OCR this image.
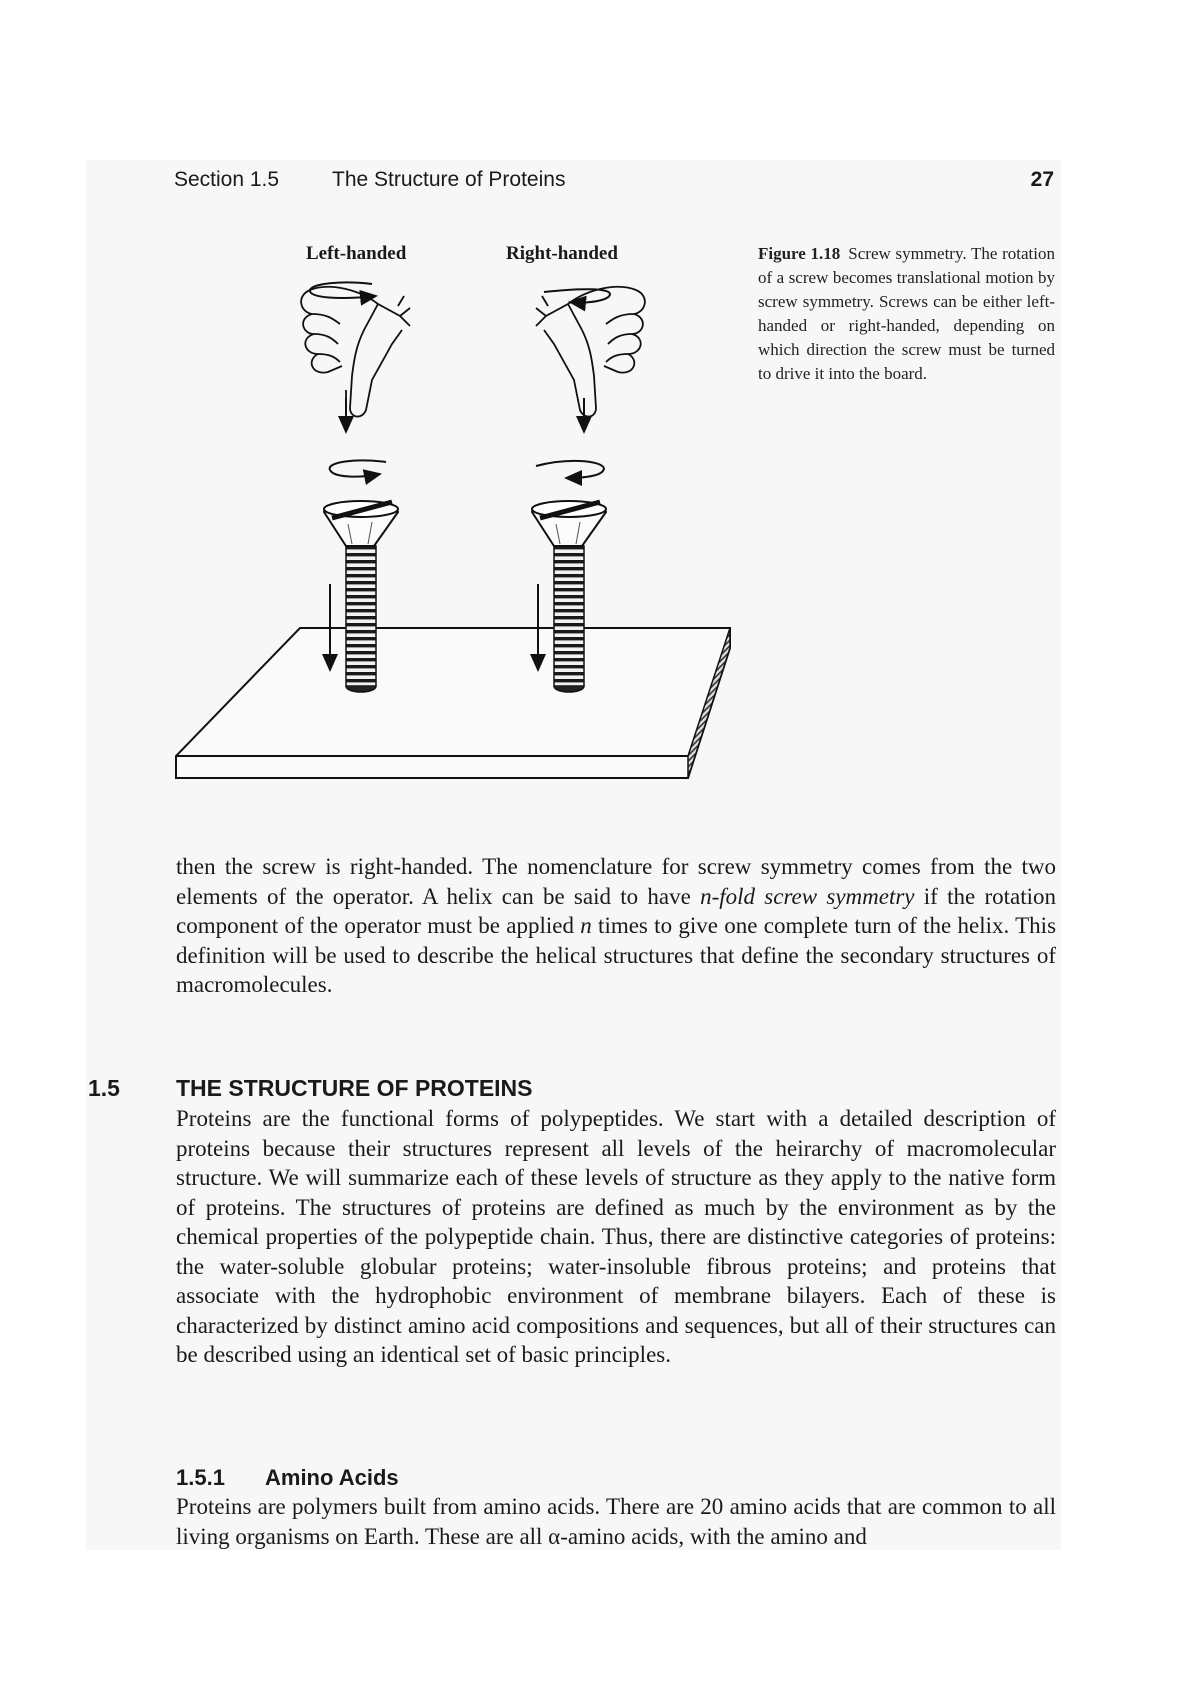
Section 1.5	The Structure of Proteins	27
Left-handed	Right-handed	Figure 1.18 Screw symmetry. The rotation of a screw becomes translational motion by screw symmetry. Screws can be either left-handed or right-handed, depending on which direction the screw must be turned to drive it into the board.

then the screw is right-handed. The nomenclature for screw symmetry comes from the two elements of the operator. A helix can be said to have n-fold screw symmetry if the rotation component of the operator must be applied n times to give one complete turn of the helix. This definition will be used to describe the helical structures that define the secondary structures of macromolecules.

1.5 THE STRUCTURE OF PROTEINS

Proteins are the functional forms of polypeptides. We start with a detailed description of proteins because their structures represent all levels of the heirarchy of macromolecular structure. We will summarize each of these levels of structure as they apply to the native form of proteins. The structures of proteins are defined as much by the environment as by the chemical properties of the polypeptide chain. Thus, there are distinctive categories of proteins: the water-soluble globular proteins; water-insoluble fibrous proteins; and proteins that associate with the hydrophobic environment of membrane bilayers. Each of these is characterized by distinct amino acid compositions and sequences, but all of their structures can be described using an identical set of basic principles.

1.5.1 Amino Acids

Proteins are polymers built from amino acids. There are 20 amino acids that are common to all living organisms on Earth. These are all α-amino acids, with the amino and
